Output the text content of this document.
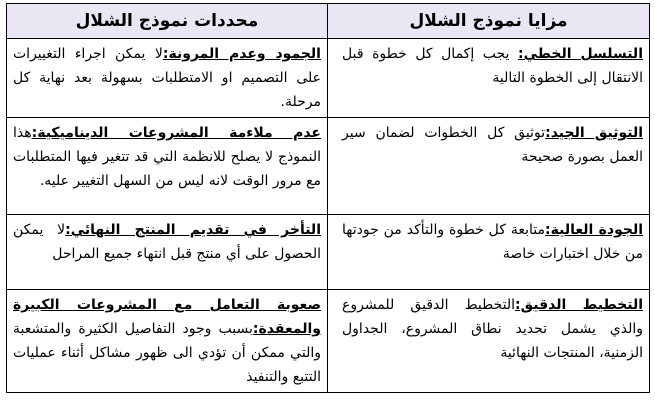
مزايا نموذج الشلال	محددات نموذج الشلال
التسلسل الخطي: يجب إكمال كل خطوة قبل الانتقال إلى الخطوة التالية	الجمود وعدم المرونة:لا يمكن اجراء التغييرات على التصميم او الامتطلبات بسهولة بعد نهاية كل مرحلة.
التوثيق الجيد:توثيق كل الخطوات لضمان سير العمل بصورة صحيحة	عدم ملاءمة المشروعات الديناميكية:هذا النموذج لا يصلح للانظمة التي قد تتغير فيها المتطلبات مع مرور الوقت لانه ليس من السهل التغيير عليه.
الجودة العالية:متابعة كل خطوة والتأكد من جودتها من خلال اختبارات خاصة	التأخر في تقديم المنتج النهائي:لا يمكن الحصول على أي منتج قبل انتهاء جميع المراحل
التخطيط الدقيق:التخطيط الدقيق للمشروع والذي يشمل تحديد نطاق المشروع، الجداول الزمنية، المنتجات النهائية	صعوبة التعامل مع المشروعات الكبيرة والمعقدة:بسبب وجود التفاصيل الكثيرة والمتشعبة والتي ممكن أن تؤدي الى ظهور مشاكل أثناء عمليات التتبع والتنفيذ
